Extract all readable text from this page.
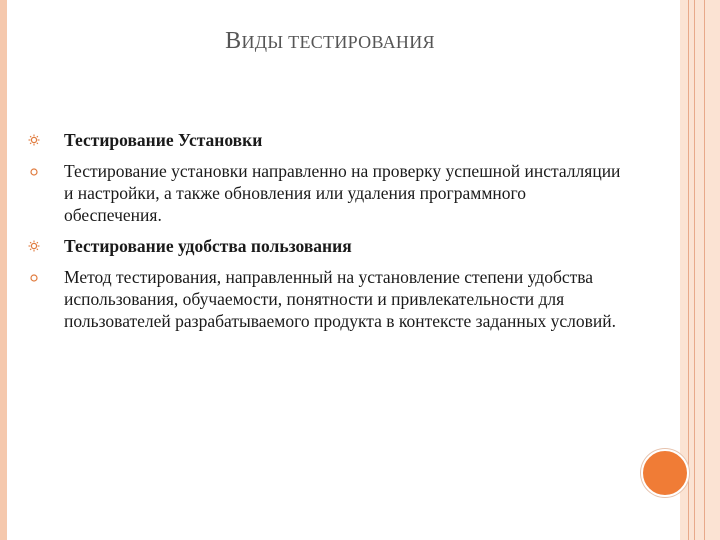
ВИДЫ ТЕСТИРОВАНИЯ
Тестирование Установки
Тестирование установки направленно на проверку успешной инсталляции и настройки, а также обновления или удаления программного обеспечения.
Тестирование удобства пользования
Метод тестирования, направленный на установление степени удобства использования, обучаемости, понятности и привлекательности для пользователей разрабатываемого продукта в контексте заданных условий.
